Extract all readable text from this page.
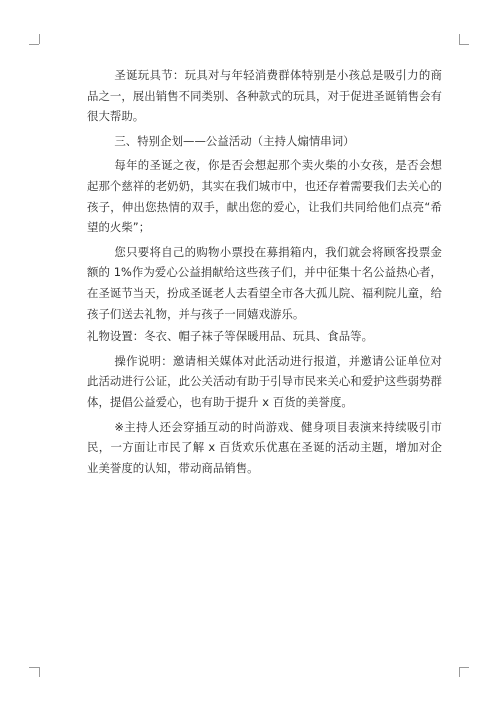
圣诞玩具节：玩具对与年轻消费群体特别是小孩总是吸引力的商品之一，展出销售不同类别、各种款式的玩具，对于促进圣诞销售会有很大帮助。

三、特别企划——公益活动（主持人煽情串词）

每年的圣诞之夜，你是否会想起那个卖火柴的小女孩，是否会想起那个慈祥的老奶奶，其实在我们城市中，也还存着需要我们去关心的孩子，伸出您热情的双手，献出您的爱心，让我们共同给他们点亮“希望的火柴”；

您只要将自己的购物小票投在募捐箱内，我们就会将顾客投票金额的 1%作为爱心公益捐献给这些孩子们，并中征集十名公益热心者，在圣诞节当天，扮成圣诞老人去看望全市各大孤儿院、福利院儿童，给孩子们送去礼物，并与孩子一同嬉戏游乐。

礼物设置：冬衣、帽子袜子等保暖用品、玩具、食品等。

操作说明：邀请相关媒体对此活动进行报道，并邀请公证单位对此活动进行公证，此公关活动有助于引导市民来关心和爱护这些弱势群体，提倡公益爱心，也有助于提升 x 百货的美誉度。

※主持人还会穿插互动的时尚游戏、健身项目表演来持续吸引市民，一方面让市民了解 x 百货欢乐优惠在圣诞的活动主题，增加对企业美誉度的认知，带动商品销售。
